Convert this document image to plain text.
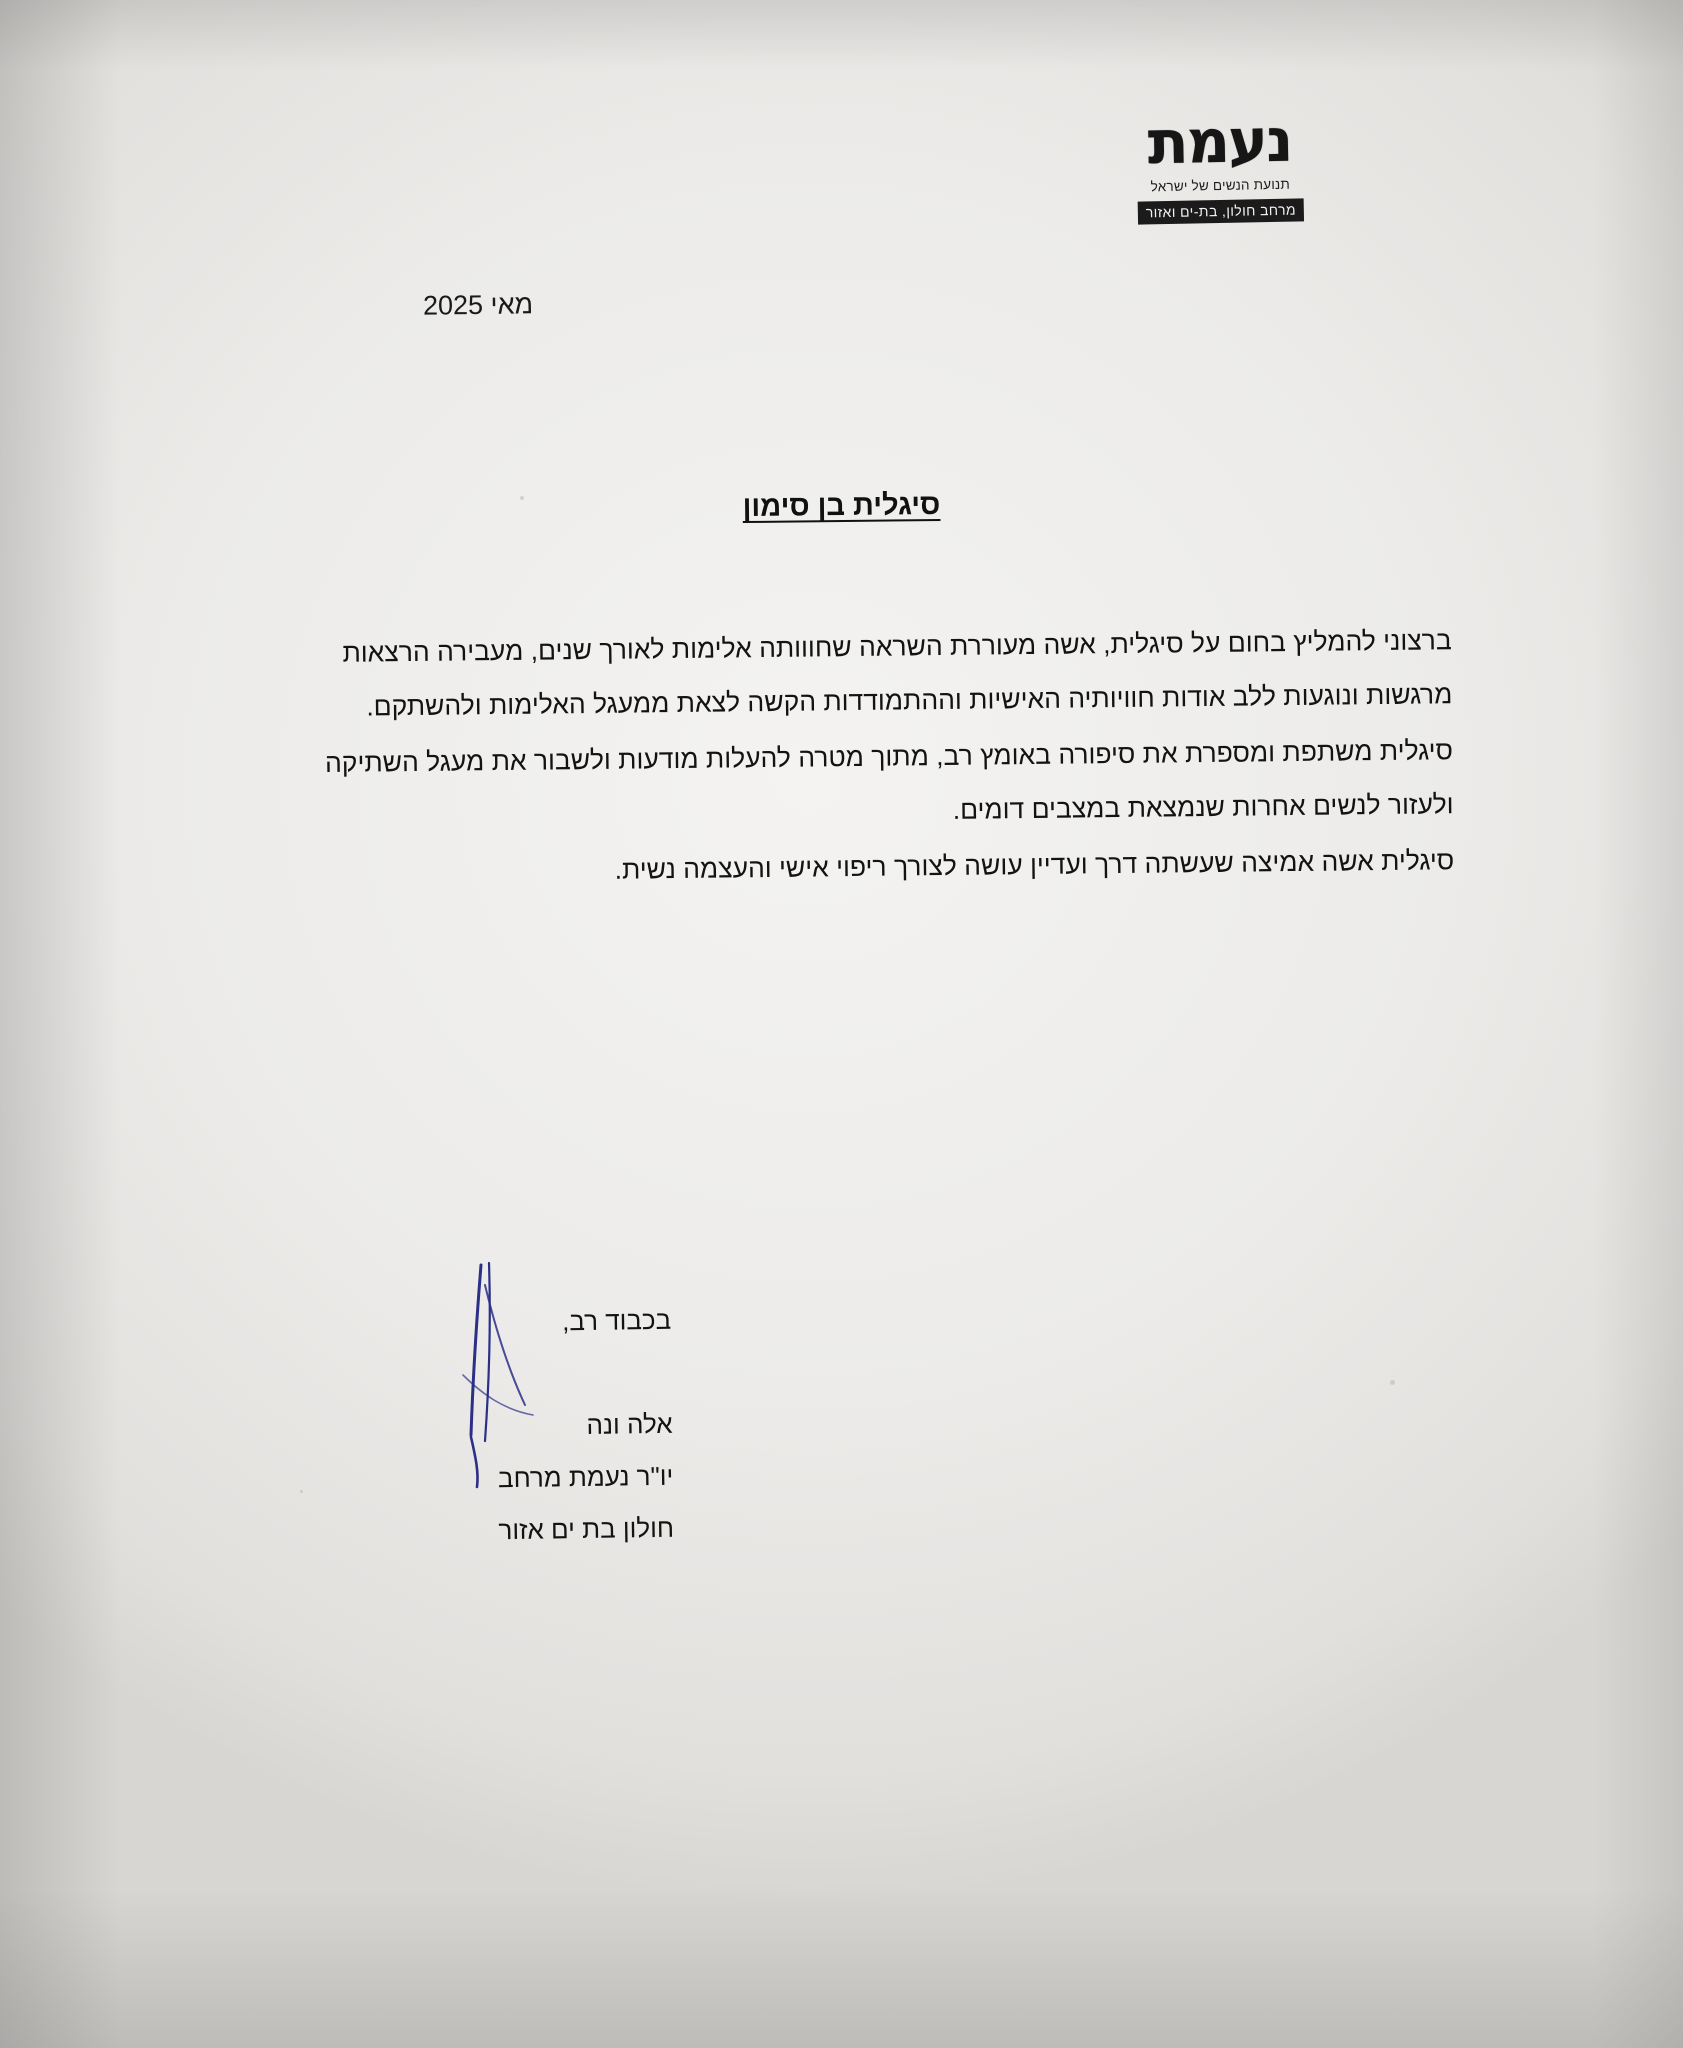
נעמת
תנועת הנשים של ישראל
מרחב חולון, בת-ים ואזור
מאי 2025
סיגלית בן סימון

ברצוני להמליץ בחום על סיגלית, אשה מעוררת השראה שחווותה אלימות לאורך שנים, מעבירה הרצאות מרגשות ונוגעות ללב אודות חוויותיה האישיות וההתמודדות הקשה לצאת ממעגל האלימות ולהשתקם.

סיגלית משתפת ומספרת את סיפורה באומץ רב, מתוך מטרה להעלות מודעות ולשבור את מעגל השתיקה ולעזור לנשים אחרות שנמצאת במצבים דומים.

סיגלית אשה אמיצה שעשתה דרך ועדיין עושה לצורך ריפוי אישי והעצמה נשית.

בכבוד רב,
אלה ונה
יו"ר נעמת מרחב
חולון בת ים אזור
